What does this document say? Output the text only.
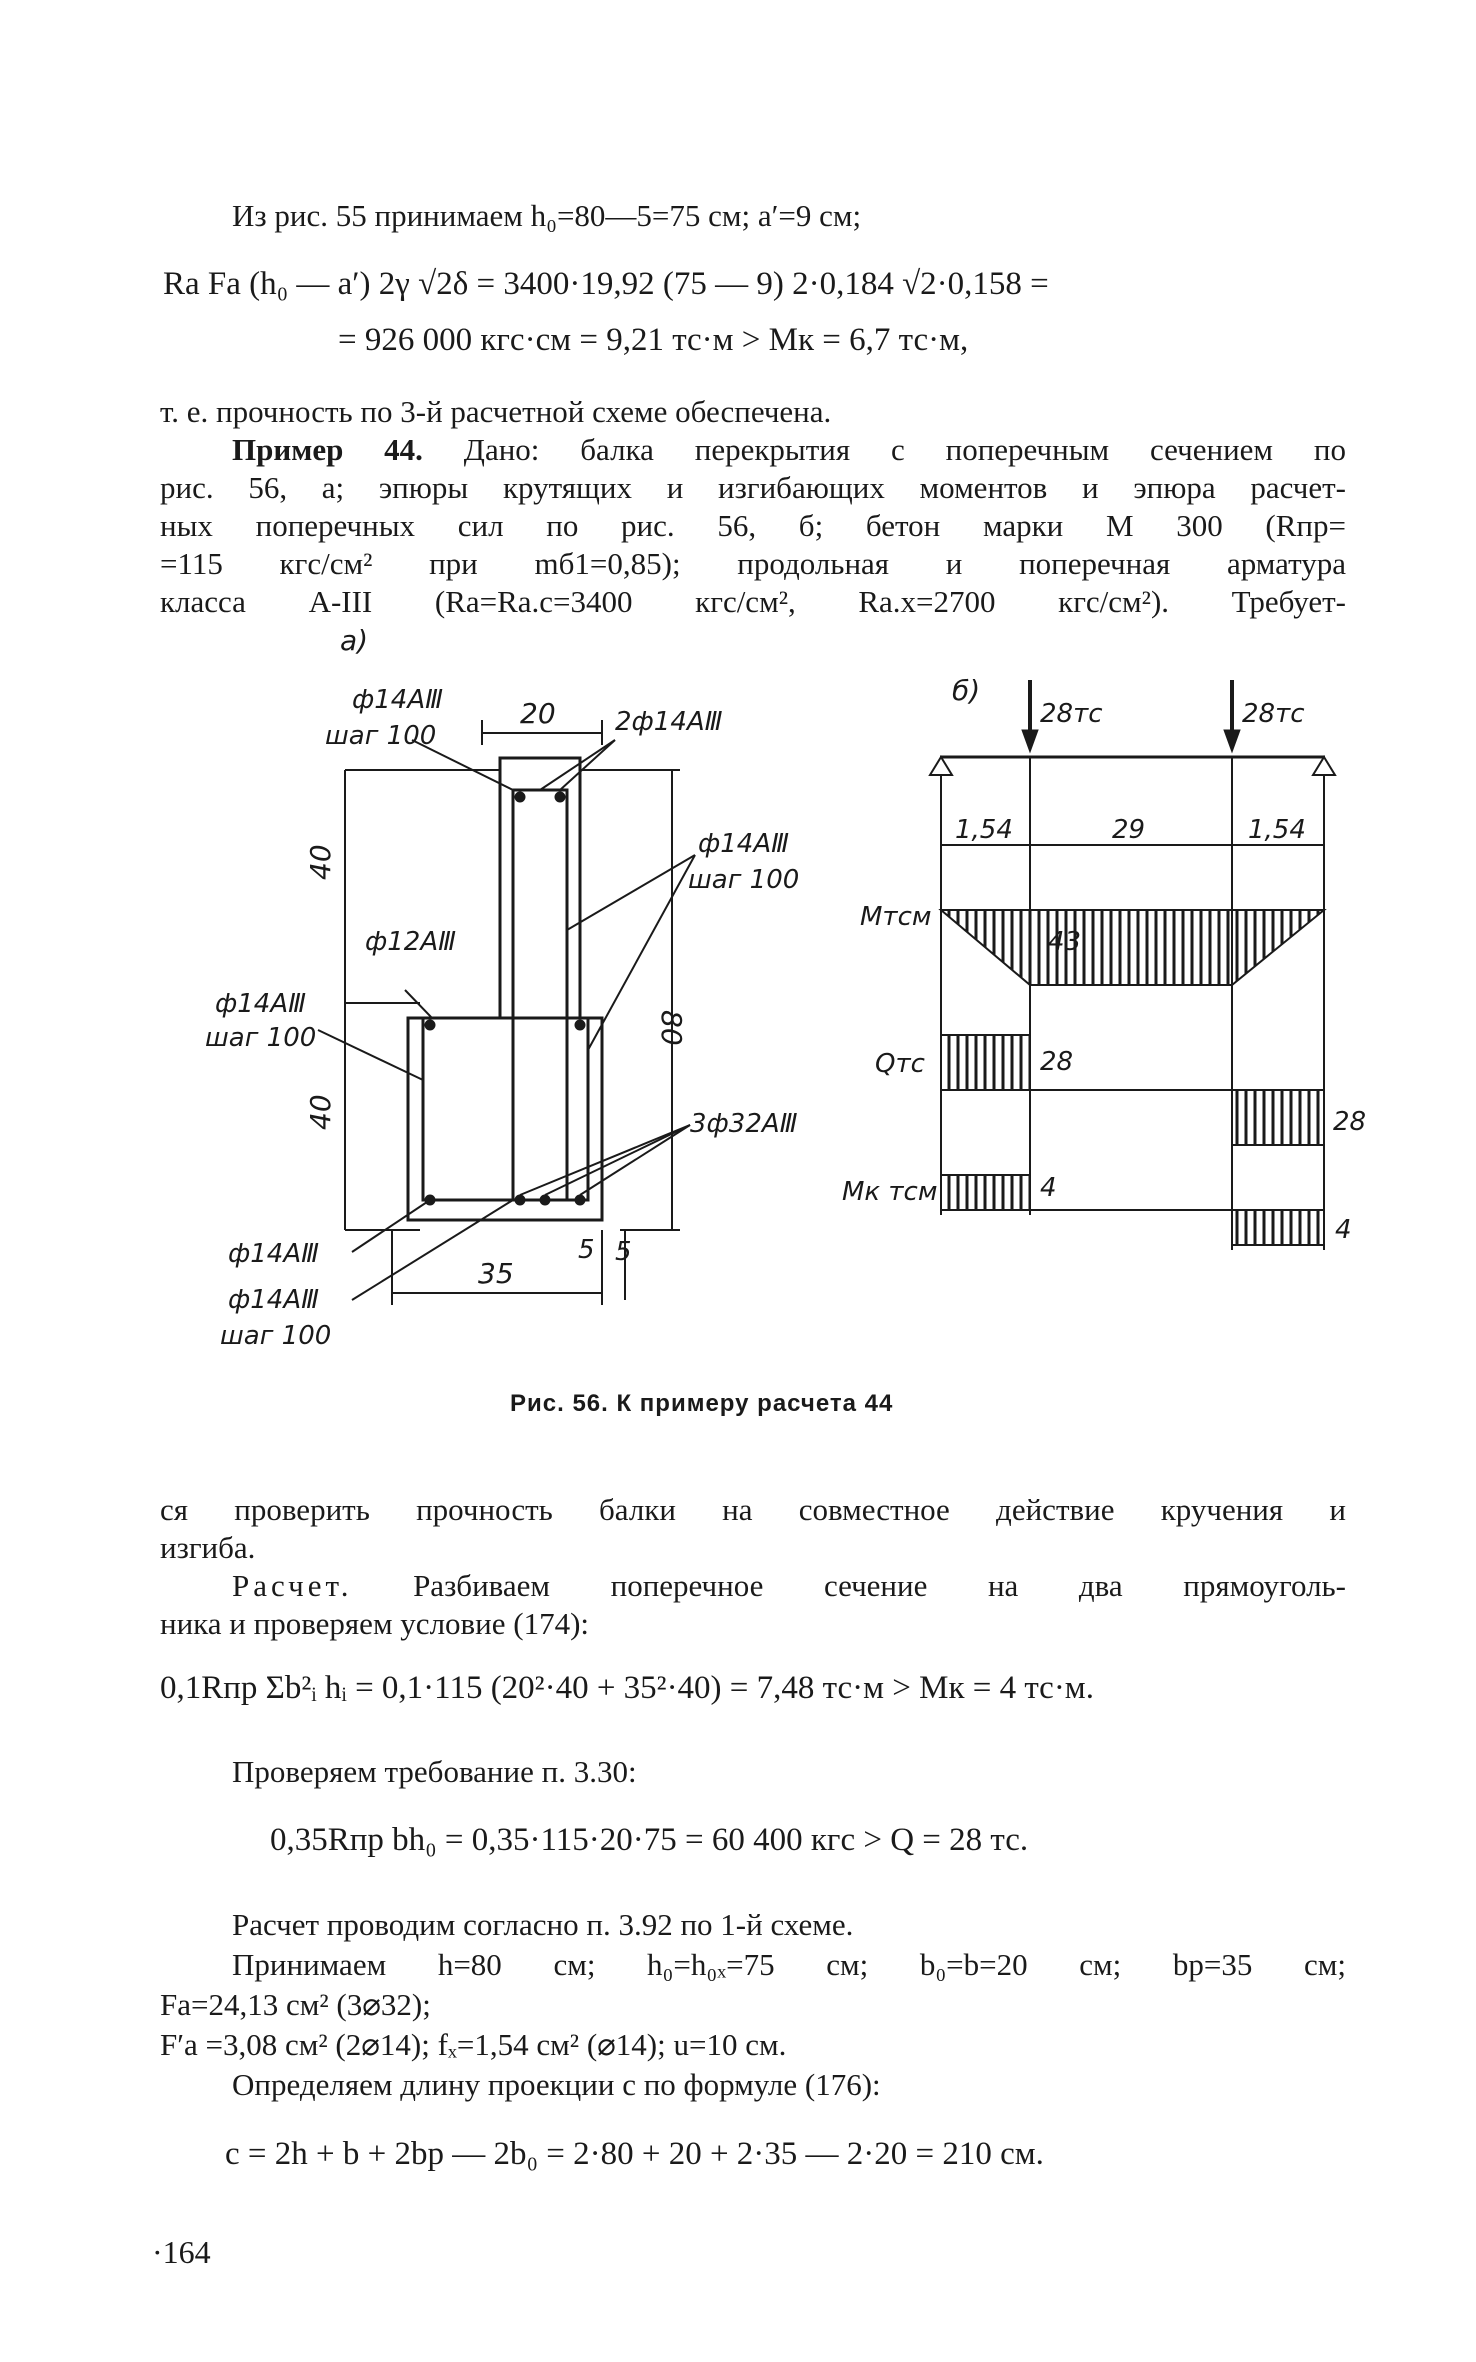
Из рис. 55 принимаем h₀=80—5=75 см; a′=9 см;
Rа Fа (h₀ — a′) 2γ √2δ = 3400·19,92 (75 — 9) 2·0,184 √2·0,158 =
= 926 000 кгс·см = 9,21 тс·м > Mк = 6,7 тс·м,
т. е. прочность по 3-й расчетной схеме обеспечена.
Пример 44. Дано: балка перекрытия с поперечным сечением по
рис. 56, а; эпюры крутящих и изгибающих моментов и эпюра расчет-
ных поперечных сил по рис. 56, б; бетон марки М 300 (Rпр=
=115 кгс/см² при mб1=0,85); продольная и поперечная арматура
класса А-III (Rа=Rа.с=3400 кгс/см², Rа.х=2700 кгс/см²). Требует-
а)
ф14АⅢ
шаг 100
20 2ф14АⅢ
ф14АⅢ
шаг 100
40
40
80
ф12АⅢ
ф14АⅢ
шаг 100
3ф32АⅢ
ф14АⅢ
ф14АⅢ
шаг 100
35
5 5
б)
28тс	28тс
1,54	29	1,54
Mтсм
43
Qтс	28
28
Mк тсм	4
4
Рис. 56. К примеру расчета 44
ся проверить прочность балки на совместное действие кручения и
изгиба.
Расчет. Разбиваем поперечное сечение на два прямоуголь-
ника и проверяем условие (174):
0,1Rпр Σb²ᵢ hᵢ = 0,1·115 (20²·40 + 35²·40) = 7,48 тс·м > Mк = 4 тс·м.
Проверяем требование п. 3.30:
0,35Rпр bh₀ = 0,35·115·20·75 = 60 400 кгс > Q = 28 тс.
Расчет проводим согласно п. 3.92 по 1-й схеме.
Принимаем h=80 см; h₀=h₀ₓ=75 см; b₀=b=20 см; bр=35 см;
Fа=24,13 см² (3⌀32);
F′а =3,08 см² (2⌀14); fₓ=1,54 см² (⌀14); u=10 см.
Определяем длину проекции c по формуле (176):
c = 2h + b + 2bр — 2b₀ = 2·80 + 20 + 2·35 — 2·20 = 210 см.
·164
